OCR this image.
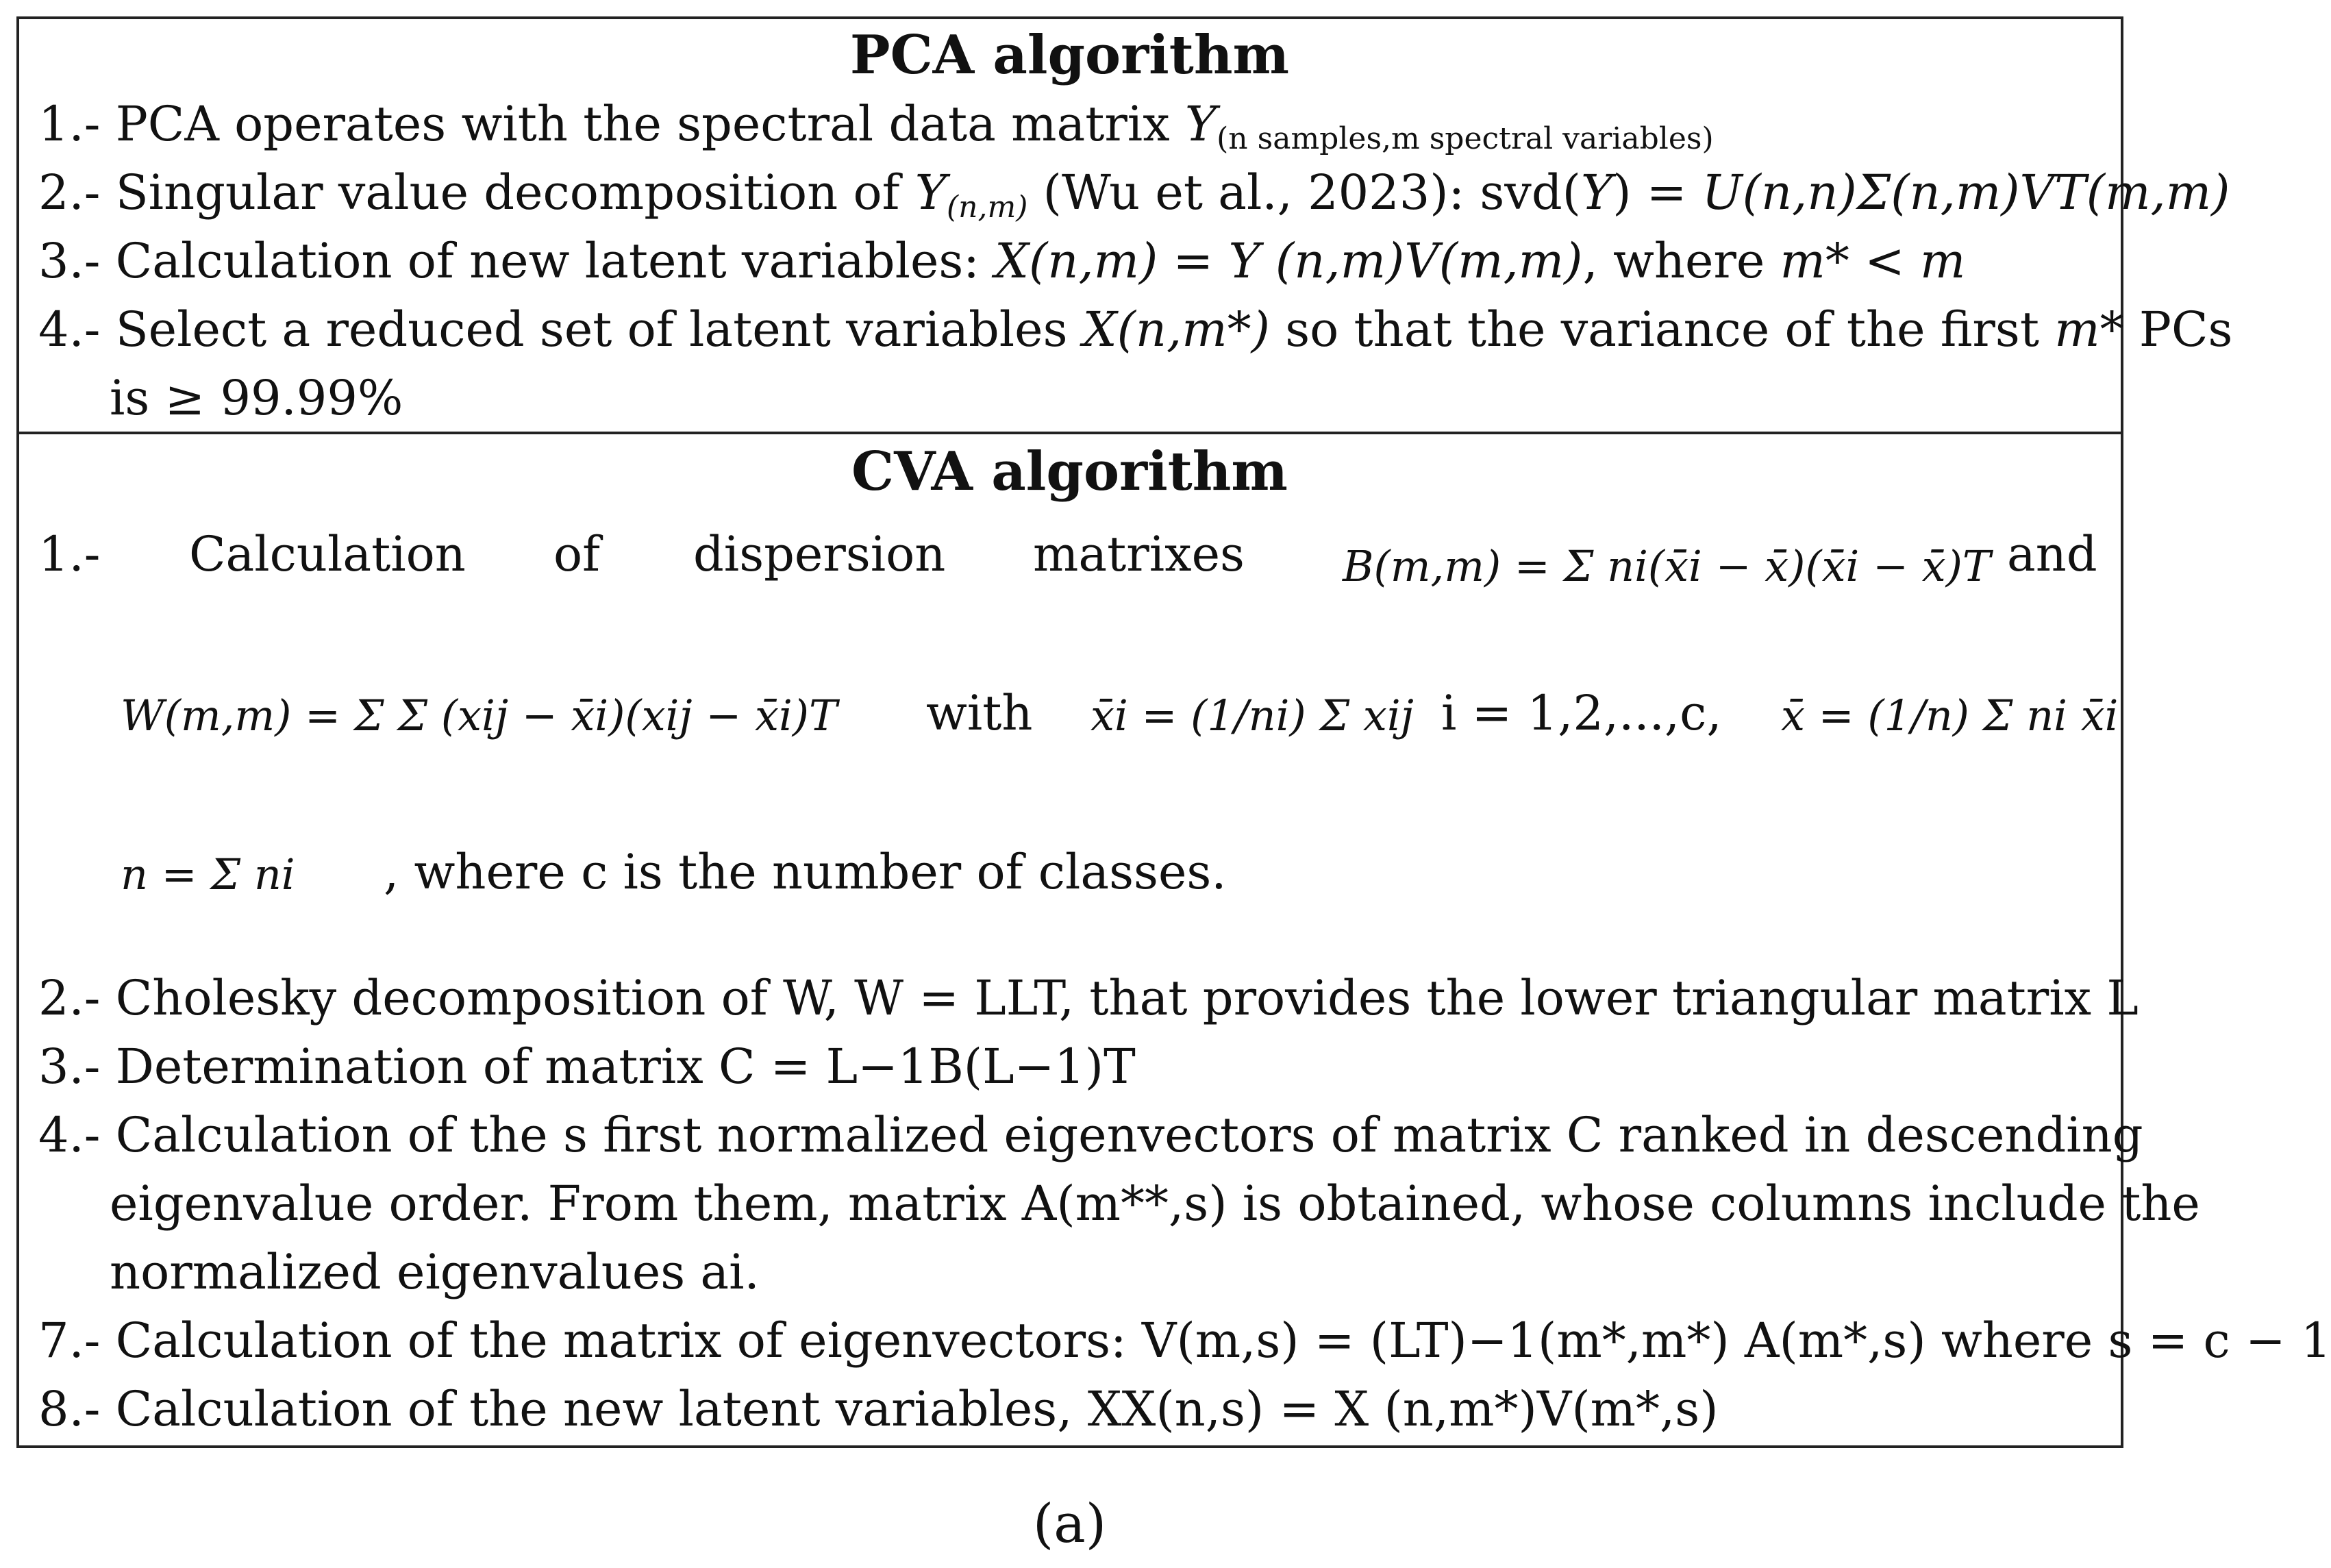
PCA algorithm
1.- PCA operates with the spectral data matrix Y(n samples,m spectral variables)
2.- Singular value decomposition of $Y_{(n,m)}$ (Wu et al., 2023): svd(Y) = U(n,n)Σ(n,m)VT(m,m)
3.- Calculation of new latent variables: X(n,m) = Y (n,m)V(m,m), where m* < m
4.- Select a reduced set of latent variables X(n,m*) so that the variance of the first m* PCs
is ≥ 99.99%
CVA algorithm
1.- Calculation of dispersion matrixes B(m,m) = Σ ni(x̄i − x̄)(x̄i − x̄)T and
W(m,m) = Σ Σ (xij − x̄i)(xij − x̄i)T with x̄i = (1/ni) Σ xij i = 1,2,...,c, x̄ = (1/n) Σ ni x̄i
n = Σ ni , where c is the number of classes.
2.- Cholesky decomposition of W, W = LLT, that provides the lower triangular matrix L
3.- Determination of matrix C = L−1B(L−1)T
4.- Calculation of the s first normalized eigenvectors of matrix C ranked in descending
eigenvalue order. From them, matrix A(m**,s) is obtained, whose columns include the
normalized eigenvalues ai.
7.- Calculation of the matrix of eigenvectors: V(m,s) = (LT)−1(m*,m*) A(m*,s) where s = c − 1
8.- Calculation of the new latent variables, XX(n,s) = X (n,m*)V(m*,s)
(a)
